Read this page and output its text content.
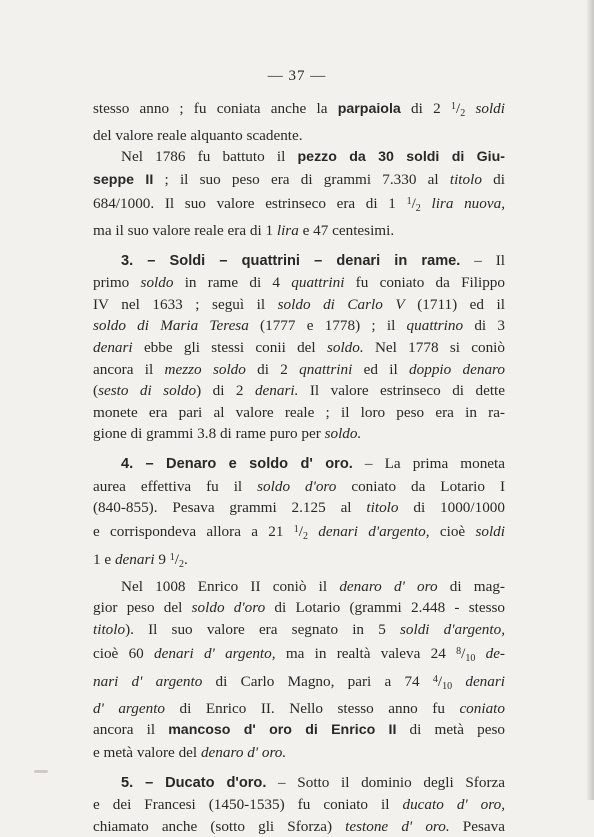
— 37 —
stesso anno ; fu coniata anche la parpaiola di 2 $^1$/2 soldi
del valore reale alquanto scadente.
Nel 1786 fu battuto il pezzo da 30 soldi di Giu-
seppe II ; il suo peso era di grammi 7.330 al titolo di
684/1000. Il suo valore estrinseco era di 1 $^1$/2 lira nuova,
ma il suo valore reale era di 1 lira e 47 centesimi.
3. – Soldi – quattrini – denari in rame. – Il
primo soldo in rame di 4 quattrini fu coniato da Filippo
IV nel 1633 ; seguì il soldo di Carlo V (1711) ed il
soldo di Maria Teresa (1777 e 1778) ; il quattrino di 3
denari ebbe gli stessi conii del soldo. Nel 1778 si coniò
ancora il mezzo soldo di 2 qnattrini ed il doppio denaro
(sesto di soldo) di 2 denari. Il valore estrinseco di dette
monete era pari al valore reale ; il loro peso era in ra-
gione di grammi 3.8 di rame puro per soldo.
4. – Denaro e soldo d' oro. – La prima moneta
aurea effettiva fu il soldo d'oro coniato da Lotario I
(840-855). Pesava grammi 2.125 al titolo di 1000/1000
e corrispondeva allora a 21 $^1$/2 denari d'argento, cioè soldi
1 e denari 9 $^1$/2.
Nel 1008 Enrico II coniò il denaro d' oro di mag-
gior peso del soldo d'oro di Lotario (grammi 2.448 - stesso
titolo). Il suo valore era segnato in 5 soldi d'argento,
cioè 60 denari d' argento, ma in realtà valeva 24 $^8$/10 de-
nari d' argento di Carlo Magno, pari a 74 $^4$/10 denari
d' argento di Enrico II. Nello stesso anno fu coniato
ancora il mancoso d' oro di Enrico II di metà peso
e metà valore del denaro d' oro.
5. – Ducato d'oro. – Sotto il dominio degli Sforza
e dei Francesi (1450-1535) fu coniato il ducato d' oro,
chiamato anche (sotto gli Sforza) testone d' oro. Pesava
